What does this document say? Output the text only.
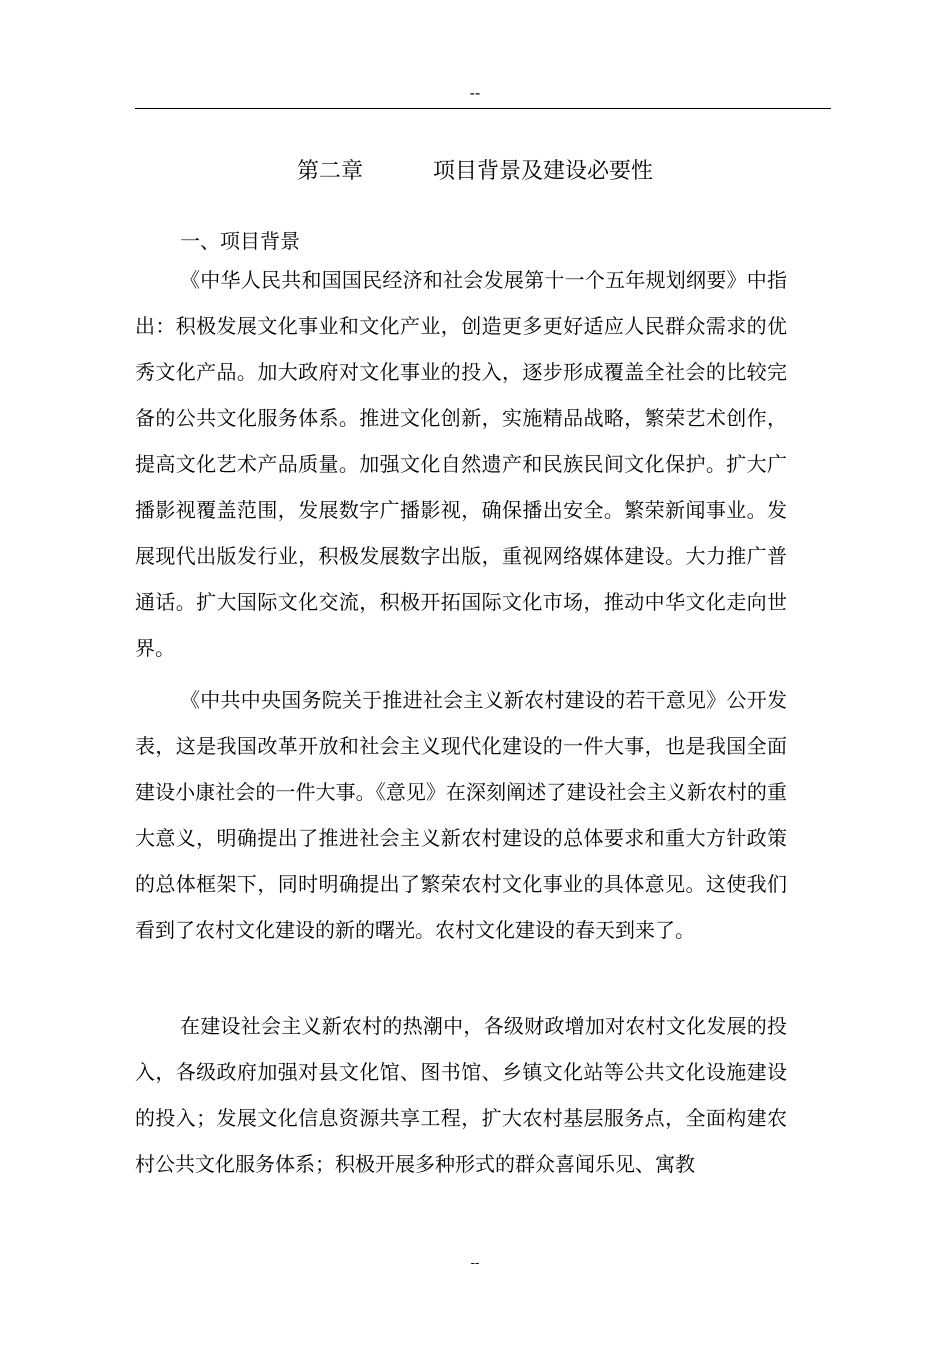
--
第二章	项目背景及建设必要性
一、项目背景

《中华人民共和国国民经济和社会发展第十一个五年规划纲要》中指出：积极发展文化事业和文化产业，创造更多更好适应人民群众需求的优秀文化产品。加大政府对文化事业的投入，逐步形成覆盖全社会的比较完备的公共文化服务体系。推进文化创新，实施精品战略，繁荣艺术创作，提高文化艺术产品质量。加强文化自然遗产和民族民间文化保护。扩大广播影视覆盖范围，发展数字广播影视，确保播出安全。繁荣新闻事业。发展现代出版发行业，积极发展数字出版，重视网络媒体建设。大力推广普通话。扩大国际文化交流，积极开拓国际文化市场，推动中华文化走向世界。

《中共中央国务院关于推进社会主义新农村建设的若干意见》公开发表，这是我国改革开放和社会主义现代化建设的一件大事，也是我国全面建设小康社会的一件大事。《意见》在深刻阐述了建设社会主义新农村的重大意义，明确提出了推进社会主义新农村建设的总体要求和重大方针政策的总体框架下，同时明确提出了繁荣农村文化事业的具体意见。这使我们看到了农村文化建设的新的曙光。农村文化建设的春天到来了。

在建设社会主义新农村的热潮中，各级财政增加对农村文化发展的投入，各级政府加强对县文化馆、图书馆、乡镇文化站等公共文化设施建设的投入；发展文化信息资源共享工程，扩大农村基层服务点，全面构建农村公共文化服务体系；积极开展多种形式的群众喜闻乐见、寓教

--
